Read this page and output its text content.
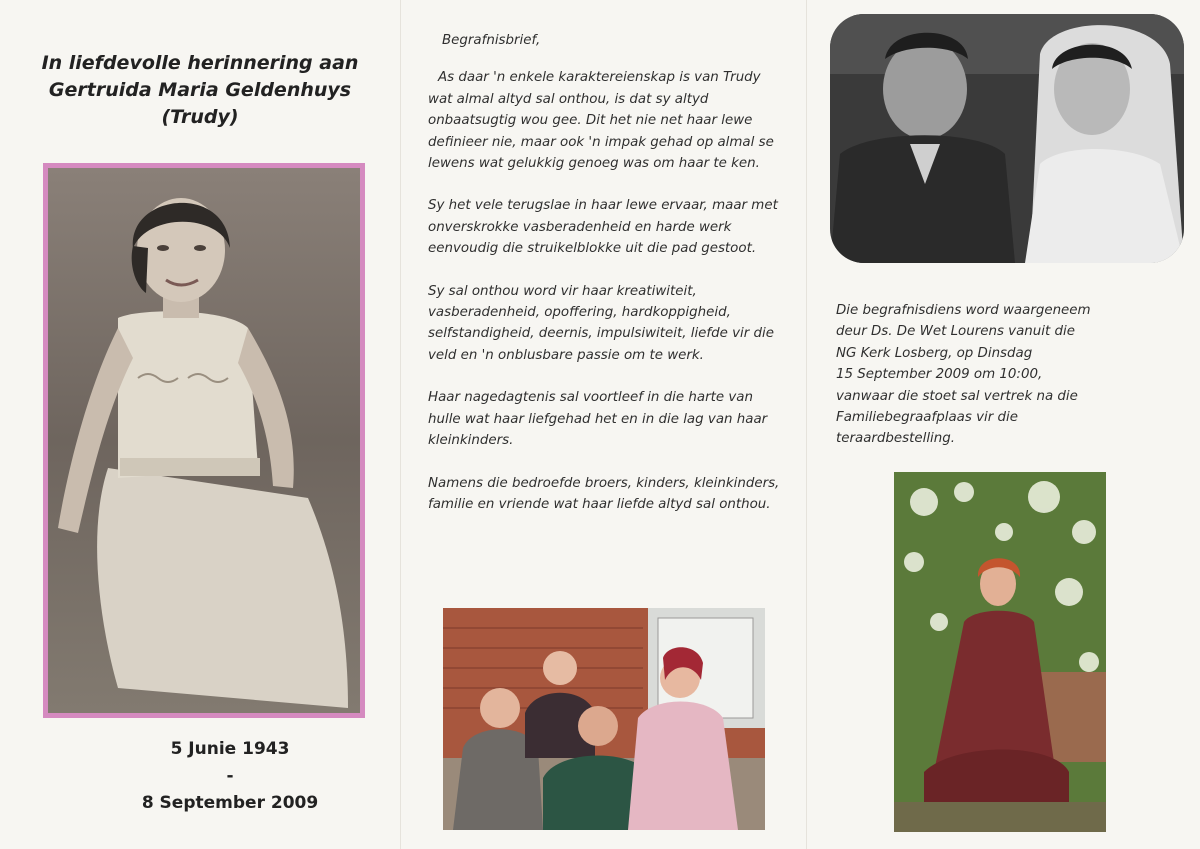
In liefdevolle herinnering aan
Gertruida Maria Geldenhuys
(Trudy)
5 Junie 1943
-
8 September 2009

Begrafnisbrief,

As daar 'n enkele karaktereienskap is van Trudy wat almal altyd sal onthou, is dat sy altyd onbaatsugtig wou gee. Dit het nie net haar lewe definieer nie, maar ook 'n impak gehad op almal se lewens wat gelukkig genoeg was om haar te ken.

Sy het vele terugslae in haar lewe ervaar, maar met onverskrokke vasberadenheid en harde werk eenvoudig die struikelblokke uit die pad gestoot.

Sy sal onthou word vir haar kreatiwiteit, vasberadenheid, opoffering, hardkoppigheid, selfstandigheid, deernis, impulsiwiteit, liefde vir die veld en 'n onblusbare passie om te werk.

Haar nagedagtenis sal voortleef in die harte van hulle wat haar liefgehad het en in die lag van haar kleinkinders.

Namens die bedroefde broers, kinders, kleinkinders, familie en vriende wat haar liefde altyd sal onthou.

Die begrafnisdiens word waargeneem
deur Ds. De Wet Lourens vanuit die
NG Kerk Losberg, op Dinsdag
15 September 2009 om 10:00,
vanwaar die stoet sal vertrek na die
Familiebegraafplaas vir die
teraardbestelling.
